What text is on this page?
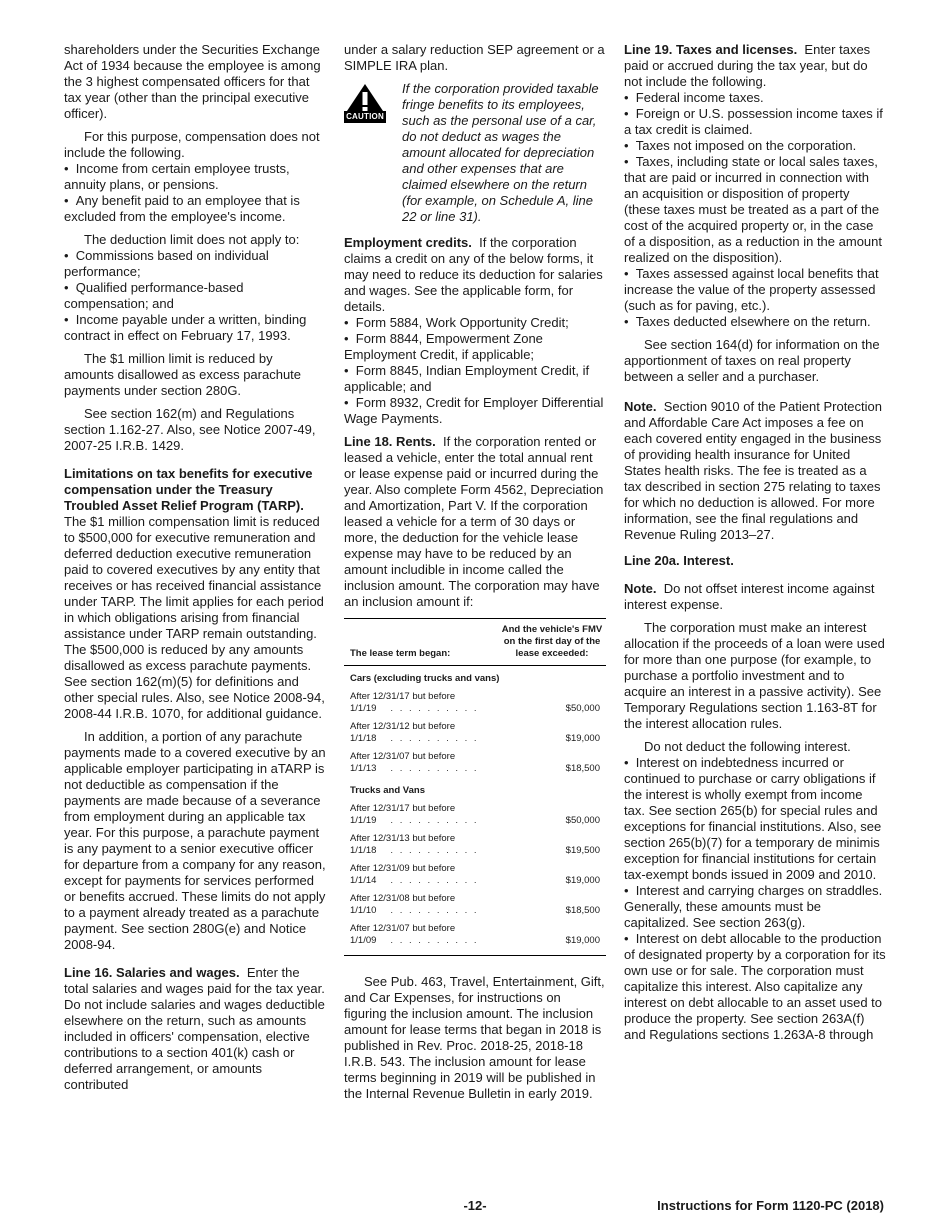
shareholders under the Securities Exchange Act of 1934 because the employee is among the 3 highest compensated officers for that tax year (other than the principal executive officer).

For this purpose, compensation does not include the following.

•  Income from certain employee trusts, annuity plans, or pensions.

•  Any benefit paid to an employee that is excluded from the employee's income.

The deduction limit does not apply to:

•  Commissions based on individual performance;

•  Qualified performance-based compensation; and

•  Income payable under a written, binding contract in effect on February 17, 1993.

The $1 million limit is reduced by amounts disallowed as excess parachute payments under section 280G.

See section 162(m) and Regulations section 1.162-27. Also, see Notice 2007-49, 2007-25 I.R.B. 1429.

Limitations on tax benefits for executive compensation under the Treasury Troubled Asset Relief Program (TARP).  The $1 million compensation limit is reduced to $500,000 for executive remuneration and deferred deduction executive remuneration paid to covered executives by any entity that receives or has received financial assistance under TARP. The limit applies for each period in which obligations arising from financial assistance under TARP remain outstanding. The $500,000 is reduced by any amounts disallowed as excess parachute payments. See section 162(m)(5) for definitions and other special rules. Also, see Notice 2008-94, 2008-44 I.R.B. 1070, for additional guidance.

In addition, a portion of any parachute payments made to a covered executive by an applicable employer participating in aTARP is not deductible as compensation if the payments are made because of a severance from employment during an applicable tax year. For this purpose, a parachute payment is any payment to a senior executive officer for departure from a company for any reason, except for payments for services performed or benefits accrued. These limits do not apply to a payment already treated as a parachute payment. See section 280G(e) and Notice 2008-94.

Line 16. Salaries and wages. Enter the total salaries and wages paid for the tax year. Do not include salaries and wages deductible elsewhere on the return, such as amounts included in officers' compensation, elective contributions to a section 401(k) cash or deferred arrangement, or amounts contributed

under a salary reduction SEP agreement or a SIMPLE IRA plan.

CAUTION
If the corporation provided taxable fringe benefits to its employees, such as the personal use of a car, do not deduct as wages the amount allocated for depreciation and other expenses that are claimed elsewhere on the return (for example, on Schedule A, line 22 or line 31).

Employment credits. If the corporation claims a credit on any of the below forms, it may need to reduce its deduction for salaries and wages. See the applicable form, for details.

•  Form 5884, Work Opportunity Credit;

•  Form 8844, Empowerment Zone Employment Credit, if applicable;

•  Form 8845, Indian Employment Credit, if applicable; and

•  Form 8932, Credit for Employer Differential Wage Payments.

Line 18. Rents. If the corporation rented or leased a vehicle, enter the total annual rent or lease expense paid or incurred during the year. Also complete Form 4562, Depreciation and Amortization, Part V. If the corporation leased a vehicle for a term of 30 days or more, the deduction for the vehicle lease expense may have to be reduced by an amount includible in income called the inclusion amount. The corporation may have an inclusion amount if:

The lease term began:	And the vehicle's FMV on the first day of the lease exceeded:
Cars (excluding trucks and vans)	
After 12/31/17 but before
1/1/19 . . . . . . . . . .	$50,000
After 12/31/12 but before
1/1/18 . . . . . . . . . .	$19,000
After 12/31/07 but before
1/1/13 . . . . . . . . . .	$18,500
Trucks and Vans	
After 12/31/17 but before
1/1/19 . . . . . . . . . .	$50,000
After 12/31/13 but before
1/1/18 . . . . . . . . . .	$19,500
After 12/31/09 but before
1/1/14 . . . . . . . . . .	$19,000
After 12/31/08 but before
1/1/10 . . . . . . . . . .	$18,500
After 12/31/07 but before
1/1/09 . . . . . . . . . .	$19,000

See Pub. 463, Travel, Entertainment, Gift, and Car Expenses, for instructions on figuring the inclusion amount. The inclusion amount for lease terms that began in 2018 is published in Rev. Proc. 2018-25, 2018-18 I.R.B. 543. The inclusion amount for lease terms beginning in 2019 will be published in the Internal Revenue Bulletin in early 2019.

Line 19. Taxes and licenses. Enter taxes paid or accrued during the tax year, but do not include the following.

•  Federal income taxes.

•  Foreign or U.S. possession income taxes if a tax credit is claimed.

•  Taxes not imposed on the corporation.

•  Taxes, including state or local sales taxes, that are paid or incurred in connection with an acquisition or disposition of property (these taxes must be treated as a part of the cost of the acquired property or, in the case of a disposition, as a reduction in the amount realized on the disposition).

•  Taxes assessed against local benefits that increase the value of the property assessed (such as for paving, etc.).

•  Taxes deducted elsewhere on the return.

See section 164(d) for information on the apportionment of taxes on real property between a seller and a purchaser.

Note. Section 9010 of the Patient Protection and Affordable Care Act imposes a fee on each covered entity engaged in the business of providing health insurance for United States health risks. The fee is treated as a tax described in section 275 relating to taxes for which no deduction is allowed. For more information, see the final regulations and Revenue Ruling 2013–27.

Line 20a. Interest.

Note. Do not offset interest income against interest expense.

The corporation must make an interest allocation if the proceeds of a loan were used for more than one purpose (for example, to purchase a portfolio investment and to acquire an interest in a passive activity). See Temporary Regulations section 1.163-8T for the interest allocation rules.

Do not deduct the following interest.

•  Interest on indebtedness incurred or continued to purchase or carry obligations if the interest is wholly exempt from income tax. See section 265(b) for special rules and exceptions for financial institutions. Also, see section 265(b)(7) for a temporary de minimis exception for financial institutions for certain tax-exempt bonds issued in 2009 and 2010.

•  Interest and carrying charges on straddles. Generally, these amounts must be capitalized. See section 263(g).

•  Interest on debt allocable to the production of designated property by a corporation for its own use or for sale. The corporation must capitalize this interest. Also capitalize any interest on debt allocable to an asset used to produce the property. See section 263A(f) and Regulations sections 1.263A-8 through

-12-	Instructions for Form 1120-PC (2018)
